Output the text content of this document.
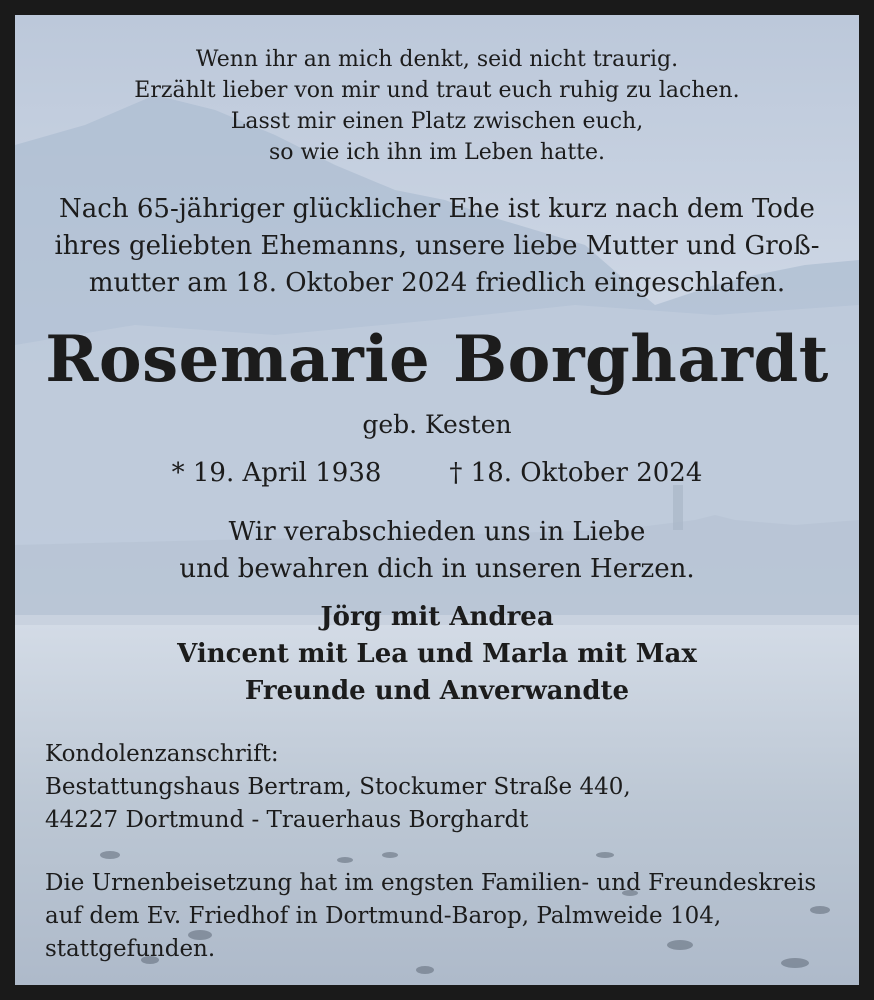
Wenn ihr an mich denkt, seid nicht traurig.

Erzählt lieber von mir und traut euch ruhig zu lachen.

Lasst mir einen Platz zwischen euch,

so wie ich ihn im Leben hatte.

Nach 65-jähriger glücklicher Ehe ist kurz nach dem Tode

ihres geliebten Ehemanns, unsere liebe Mutter und Groß-

mutter am 18. Oktober 2024 friedlich eingeschlafen.

Rosemarie Borghardt

geb. Kesten

* 19. April 1938	† 18. Oktober 2024

Wir verabschieden uns in Liebe

und bewahren dich in unseren Herzen.

Jörg mit Andrea

Vincent mit Lea und Marla mit Max

Freunde und Anverwandte

Kondolenzanschrift:

Bestattungshaus Bertram, Stockumer Straße 440,

44227 Dortmund - Trauerhaus Borghardt

Die Urnenbeisetzung hat im engsten Familien- und Freundeskreis

auf dem Ev. Friedhof in Dortmund-Barop, Palmweide 104,

stattgefunden.
